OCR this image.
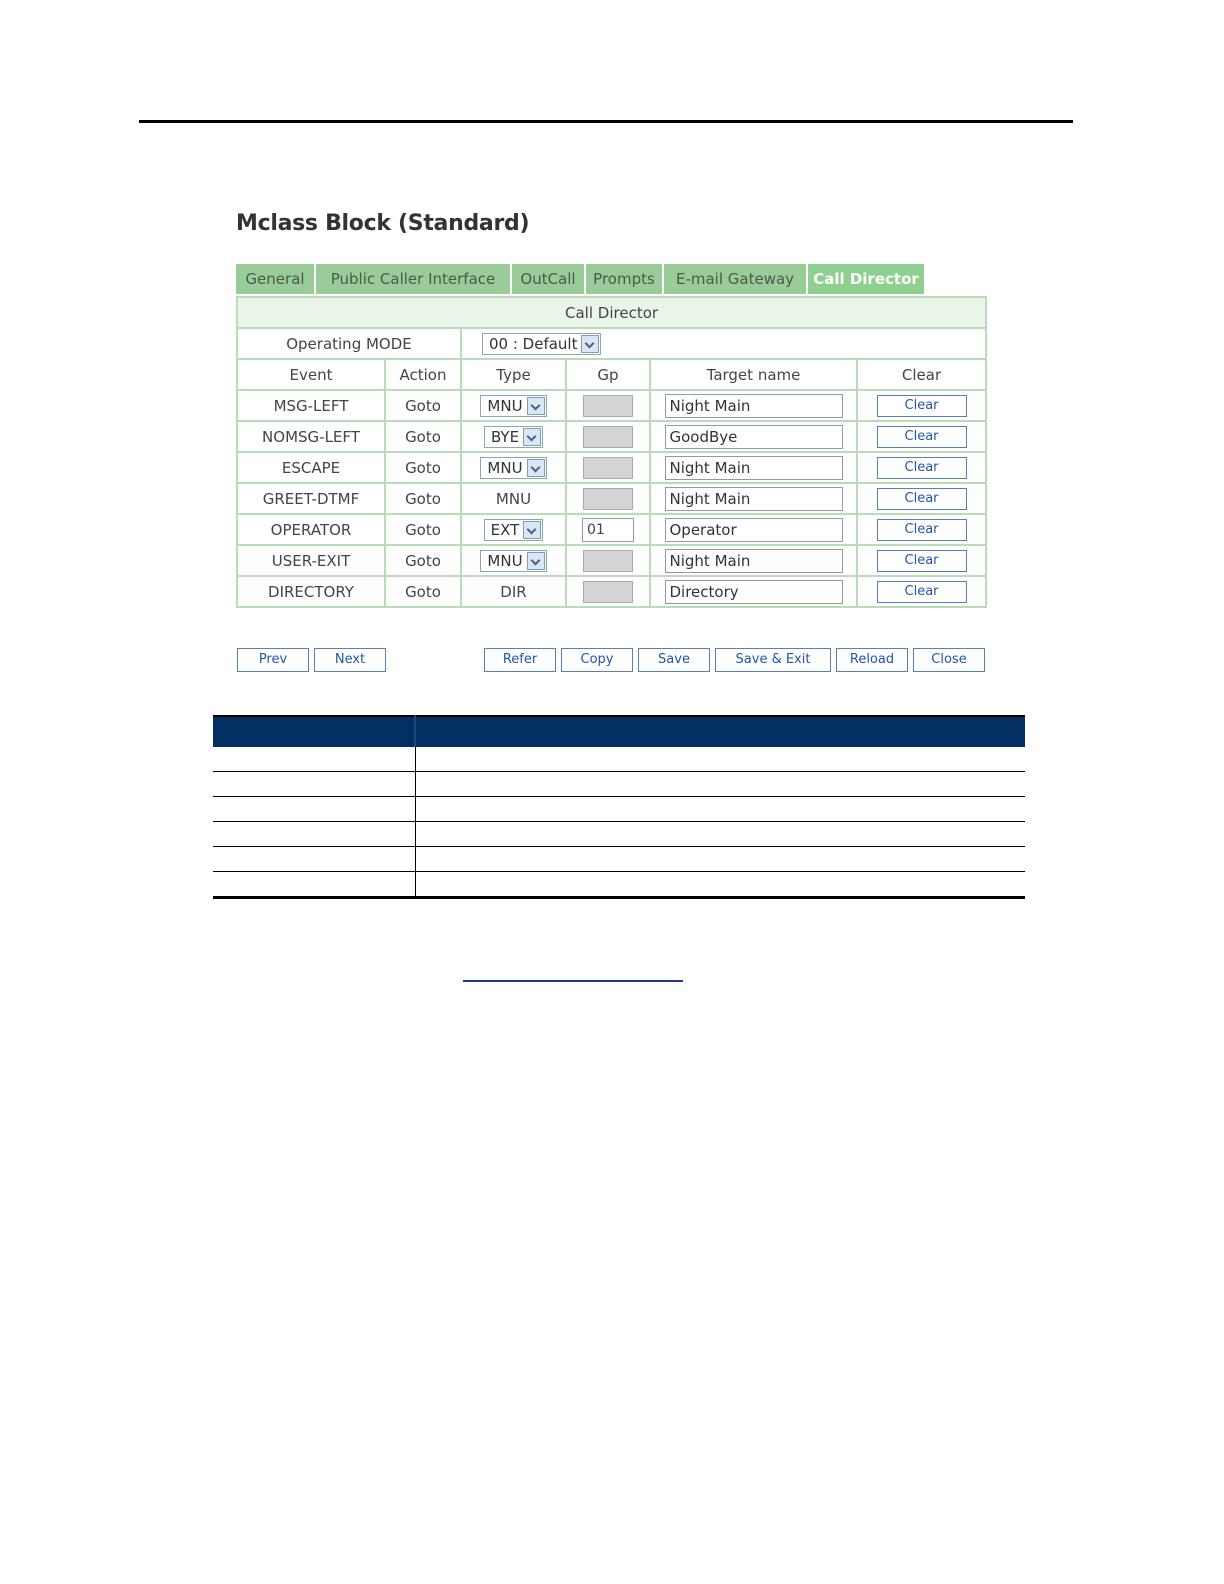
Mclass Block (Standard)
General	Public Caller Interface	OutCall	Prompts	E-mail Gateway	Call Director
Call Director					
Operating MODE		00 : Default			

Event	Action	Type	Gp	Target name	Clear
MSG-LEFT	Goto	MNU		Night Main	Clear
NOMSG-LEFT	Goto	BYE		GoodBye	Clear
ESCAPE	Goto	MNU		Night Main	Clear
GREET-DTMF	Goto	MNU		Night Main	Clear
OPERATOR	Goto	EXT	01	Operator	Clear
USER-EXIT	Goto	MNU		Night Main	Clear
DIRECTORY	Goto	DIR		Directory	Clear
Prev	Next	Refer	Copy	Save	Save & Exit	Reload	Close
